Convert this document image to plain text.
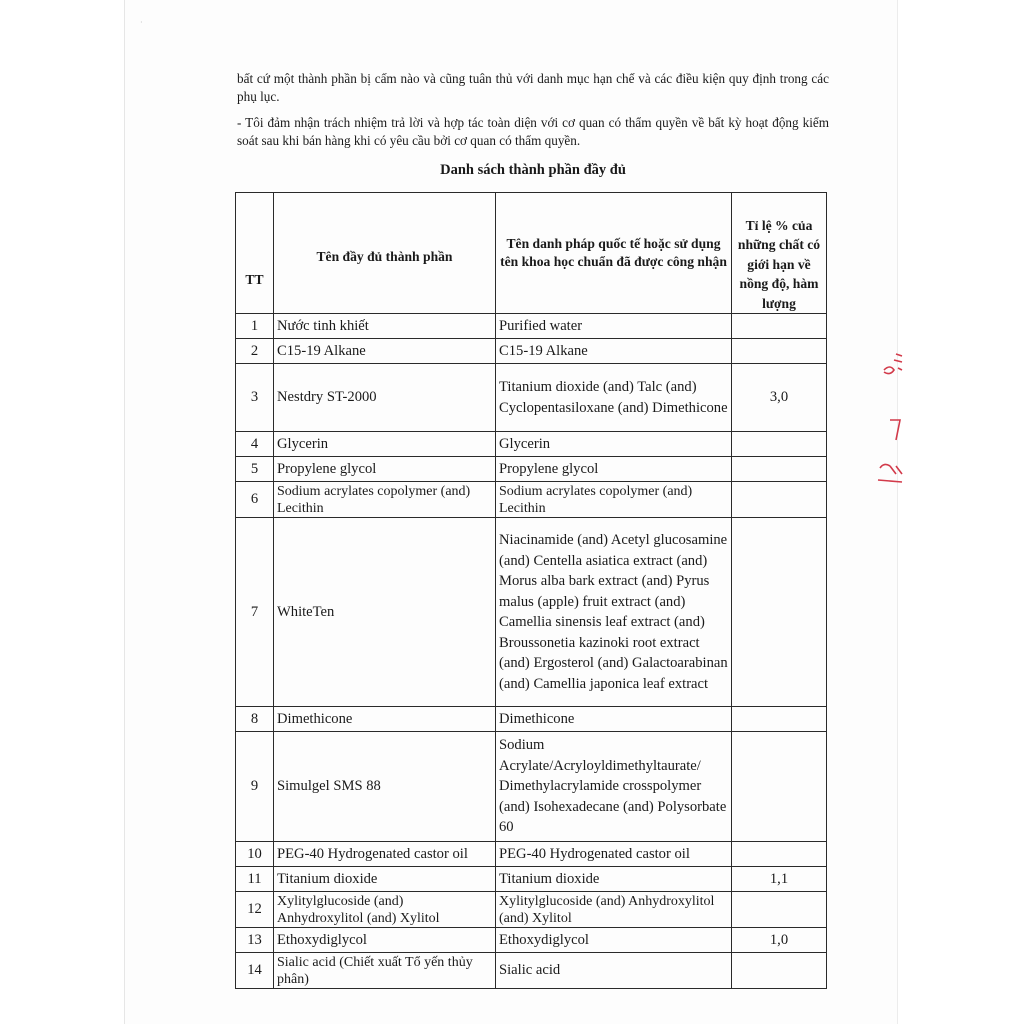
·

bất cứ một thành phần bị cấm nào và cũng tuân thủ với danh mục hạn chế và các điều kiện quy định trong các phụ lục.

- Tôi đảm nhận trách nhiệm trả lời và hợp tác toàn diện với cơ quan có thẩm quyền về bất kỳ hoạt động kiểm soát sau khi bán hàng khi có yêu cầu bởi cơ quan có thẩm quyền.

Danh sách thành phần đầy đủ
TT	Tên đầy đủ thành phần	Tên danh pháp quốc tế hoặc sử dụng tên khoa học chuẩn đã được công nhận	Tỉ lệ % của những chất có giới hạn về nồng độ, hàm lượng
1	Nước tinh khiết	Purified water	
2	C15-19 Alkane	C15-19 Alkane	
3	Nestdry ST-2000	Titanium dioxide (and) Talc (and) Cyclopentasiloxane (and) Dimethicone	3,0
4	Glycerin	Glycerin	
5	Propylene glycol	Propylene glycol	
6	Sodium acrylates copolymer (and) Lecithin	Sodium acrylates copolymer (and) Lecithin	
7	WhiteTen	Niacinamide (and) Acetyl glucosamine (and) Centella asiatica extract (and) Morus alba bark extract (and) Pyrus malus (apple) fruit extract (and) Camellia sinensis leaf extract (and) Broussonetia kazinoki root extract (and) Ergosterol (and) Galactoarabinan (and) Camellia japonica leaf extract	
8	Dimethicone	Dimethicone	
9	Simulgel SMS 88	Sodium Acrylate/Acryloyldimethyltaurate/ Dimethylacrylamide crosspolymer (and) Isohexadecane (and) Polysorbate 60	
10	PEG-40 Hydrogenated castor oil	PEG-40 Hydrogenated castor oil	
11	Titanium dioxide	Titanium dioxide	1,1
12	Xylitylglucoside (and) Anhydroxylitol (and) Xylitol	Xylitylglucoside (and) Anhydroxylitol (and) Xylitol	
13	Ethoxydiglycol	Ethoxydiglycol	1,0
14	Sialic acid (Chiết xuất Tổ yến thủy phân)	Sialic acid	
